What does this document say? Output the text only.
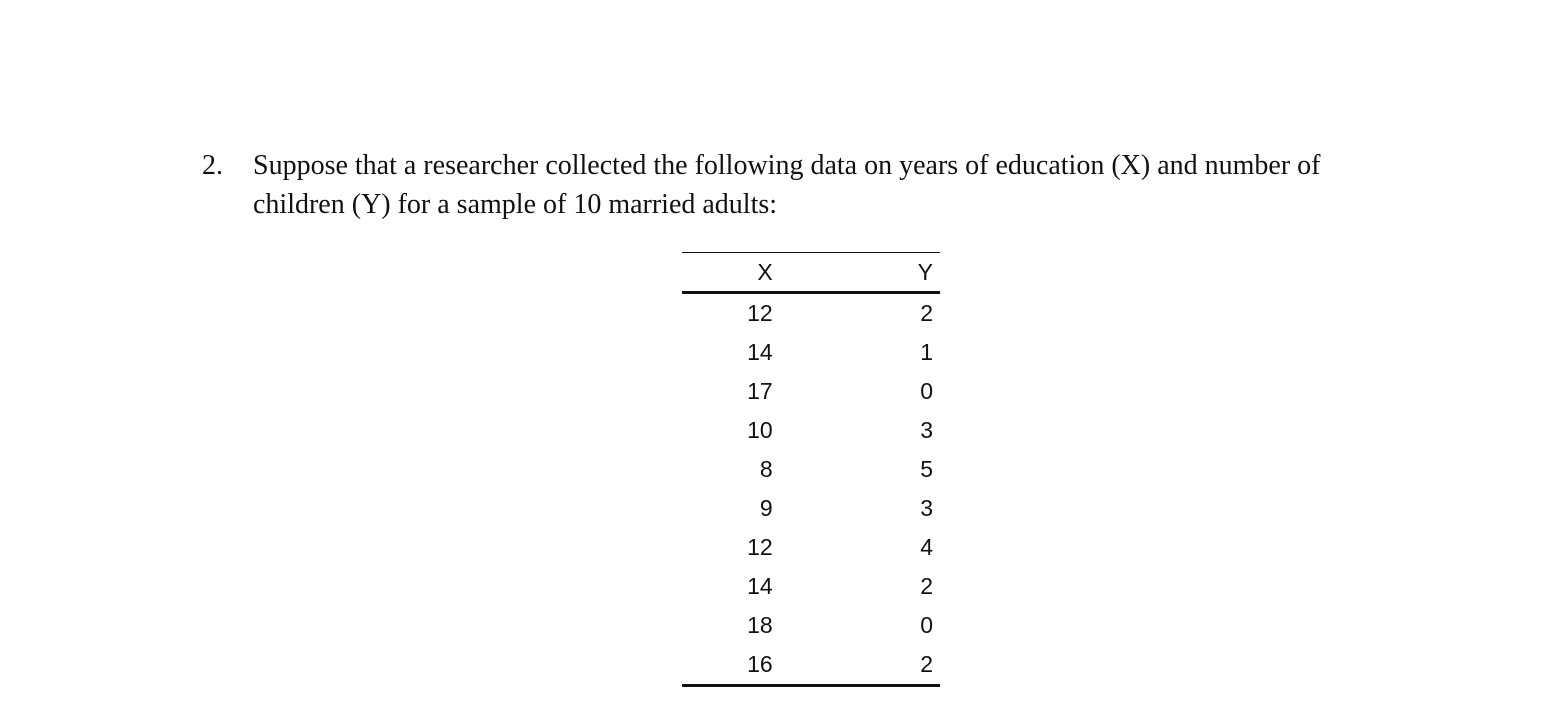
2. Suppose that a researcher collected the following data on years of education (X) and number of children (Y) for a sample of 10 married adults:
X	Y
12	2
14	1
17	0
10	3
8	5
9	3
12	4
14	2
18	0
16	2
